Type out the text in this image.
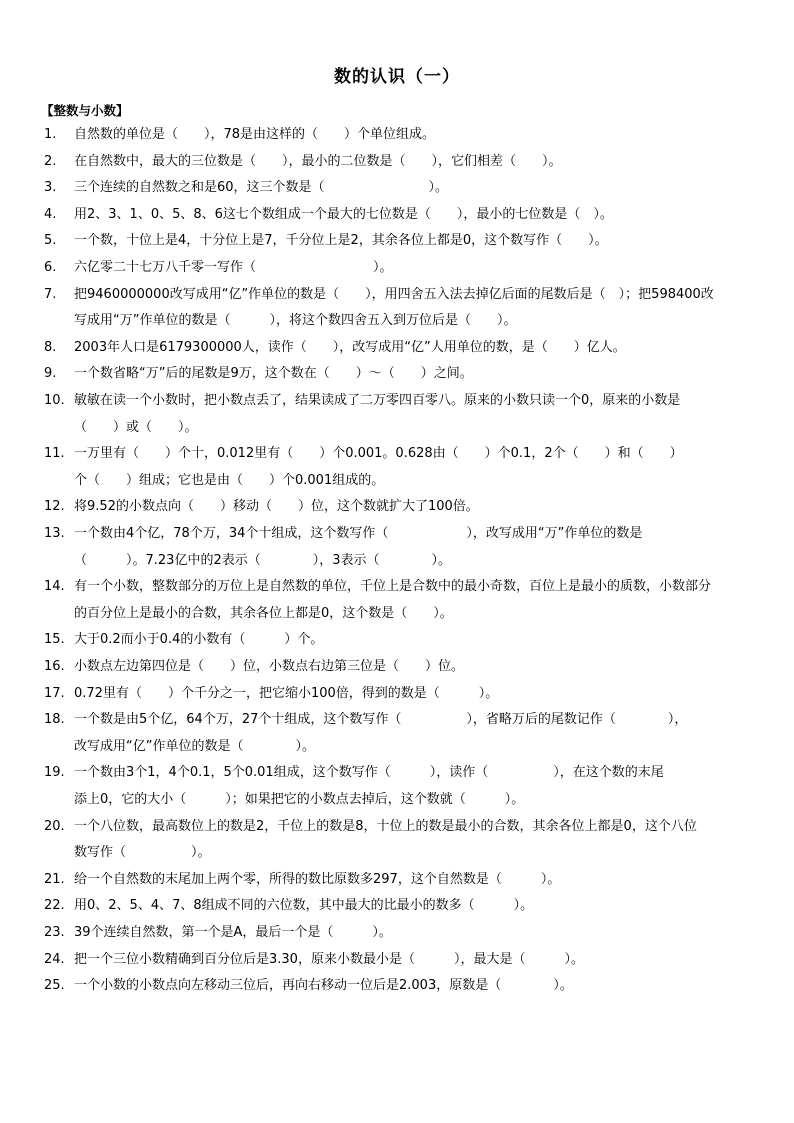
数的认识（一）
【整数与小数】
1. 自然数的单位是（　　），78是由这样的（　　）个单位组成。
2. 在自然数中，最大的三位数是（　　），最小的二位数是（　　），它们相差（　　）。
3. 三个连续的自然数之和是60，这三个数是（　　　　　　　　）。
4. 用2、3、1、0、5、8、6这七个数组成一个最大的七位数是（　　），最小的七位数是（　）。
5. 一个数，十位上是4，十分位上是7，千分位上是2，其余各位上都是0，这个数写作（　　）。
6. 六亿零二十七万八千零一写作（　　　　　　　　　）。
7. 把9460000000改写成用“亿”作单位的数是（　　），用四舍五入法去掉亿后面的尾数后是（　）；把598400改
写成用“万”作单位的数是（　　　），将这个数四舍五入到万位后是（　　）。
8. 2003年人口是6179300000人，读作（　　），改写成用“亿”人用单位的数，是（　　）亿人。
9. 一个数省略“万”后的尾数是9万，这个数在（　　）～（　　）之间。
10. 敏敏在读一个小数时，把小数点丢了，结果读成了二万零四百零八。原来的小数只读一个0，原来的小数是
（　　）或（　　）。
11. 一万里有（　　）个十，0.012里有（　　）个0.001。0.628由（　　）个0.1，2个（　　）和（　　）
个（　　）组成；它也是由（　　）个0.001组成的。
12. 将9.52的小数点向（　　）移动（　　）位，这个数就扩大了100倍。
13. 一个数由4个亿，78个万，34个十组成，这个数写作（　　　　　　），改写成用“万”作单位的数是
（　　　）。7.23亿中的2表示（　　　　），3表示（　　　　）。
14. 有一个小数，整数部分的万位上是自然数的单位，千位上是合数中的最小奇数，百位上是最小的质数，小数部分
的百分位上是最小的合数，其余各位上都是0，这个数是（　　）。
15. 大于0.2而小于0.4的小数有（　　　）个。
16. 小数点左边第四位是（　　）位，小数点右边第三位是（　　）位。
17. 0.72里有（　　）个千分之一，把它缩小100倍，得到的数是（　　　）。
18. 一个数是由5个亿，64个万，27个十组成，这个数写作（　　　　　），省略万后的尾数记作（　　　　），
改写成用“亿”作单位的数是（　　　　）。
19. 一个数由3个1，4个0.1，5个0.01组成，这个数写作（　　　），读作（　　　　　），在这个数的末尾
添上0，它的大小（　　　）；如果把它的小数点去掉后，这个数就（　　　）。
20. 一个八位数，最高数位上的数是2，千位上的数是8，十位上的数是最小的合数，其余各位上都是0，这个八位
数写作（　　　　　）。
21. 给一个自然数的末尾加上两个零，所得的数比原数多297，这个自然数是（　　　）。
22. 用0、2、5、4、7、8组成不同的六位数，其中最大的比最小的数多（　　　）。
23. 39个连续自然数，第一个是A，最后一个是（　　　）。
24. 把一个三位小数精确到百分位后是3.30，原来小数最小是（　　　），最大是（　　　）。
25. 一个小数的小数点向左移动三位后，再向右移动一位后是2.003，原数是（　　　　）。
